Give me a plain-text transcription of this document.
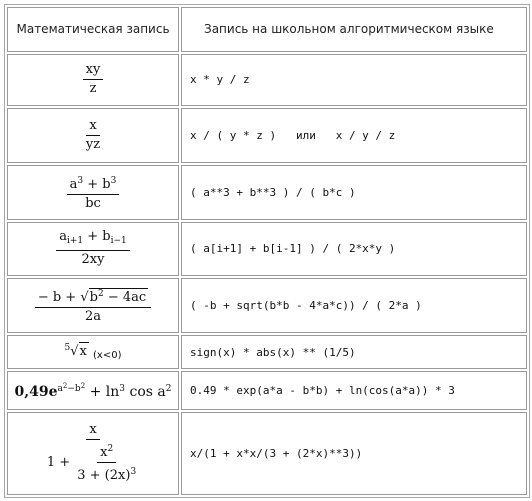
Математическая запись	Запись на школьном алгоритмическом языке

$\frac{xy}{z}$	x * y / z

$\frac{x}{yz}$	x / ( y * z )   или   x / y / z

$\frac{a^3 + b^3}{bc}$	( a**3 + b**3 ) / ( b*c )

$\frac{a_{i+1} + b_{i-1}}{2xy}$	( a[i+1] + b[i-1] ) / ( 2*x*y )

$\frac{- b + √b^2 - 4ac}{2a}$	( -b + sqrt(b*b - 4*a*c)) / ( 2*a )
$^5$√x $_{(x<0)}$	sign(x) * abs(x) ** (1/5)
$0,49e^{a^2-b^2} + \ln^3 \cos a^2$	0.49 * exp(a*a - b*b) + ln(cos(a*a)) * 3

$\frac{x}{1 + \frac{x^2}{3 + (2x)^3}}$	x/(1 + x*x/(3 + (2*x)**3))
